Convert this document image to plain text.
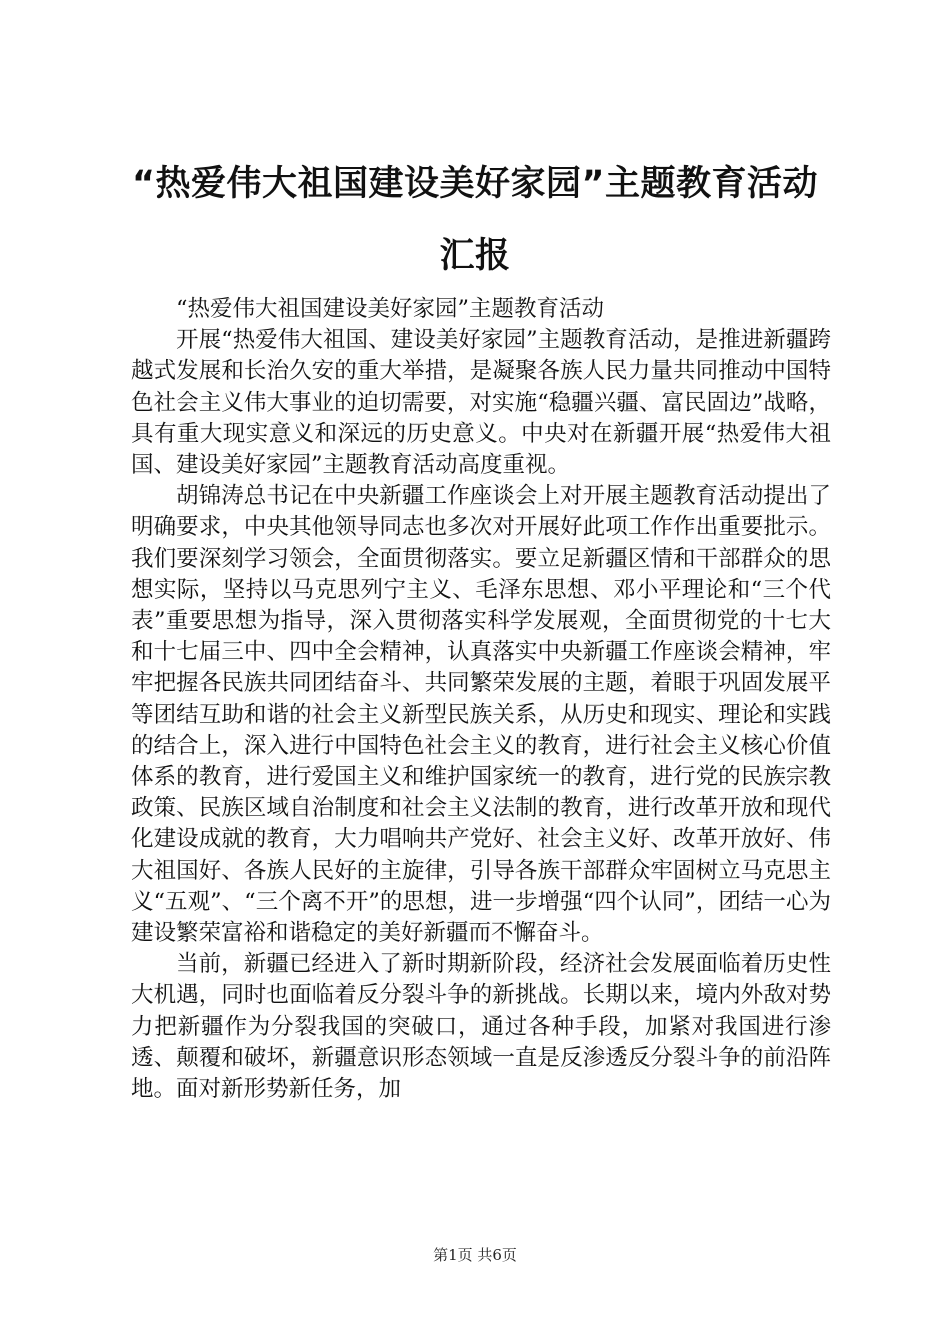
“热爱伟大祖国建设美好家园”主题教育活动汇报

“热爱伟大祖国建设美好家园”主题教育活动

开展“热爱伟大祖国、建设美好家园”主题教育活动，是推进新疆跨越式发展和长治久安的重大举措，是凝聚各族人民力量共同推动中国特色社会主义伟大事业的迫切需要，对实施“稳疆兴疆、富民固边”战略，具有重大现实意义和深远的历史意义。中央对在新疆开展“热爱伟大祖国、建设美好家园”主题教育活动高度重视。

胡锦涛总书记在中央新疆工作座谈会上对开展主题教育活动提出了明确要求，中央其他领导同志也多次对开展好此项工作作出重要批示。我们要深刻学习领会，全面贯彻落实。要立足新疆区情和干部群众的思想实际，坚持以马克思列宁主义、毛泽东思想、邓小平理论和“三个代表”重要思想为指导，深入贯彻落实科学发展观，全面贯彻党的十七大和十七届三中、四中全会精神，认真落实中央新疆工作座谈会精神，牢牢把握各民族共同团结奋斗、共同繁荣发展的主题，着眼于巩固发展平等团结互助和谐的社会主义新型民族关系，从历史和现实、理论和实践的结合上，深入进行中国特色社会主义的教育，进行社会主义核心价值体系的教育，进行爱国主义和维护国家统一的教育，进行党的民族宗教政策、民族区域自治制度和社会主义法制的教育，进行改革开放和现代化建设成就的教育，大力唱响共产党好、社会主义好、改革开放好、伟大祖国好、各族人民好的主旋律，引导各族干部群众牢固树立马克思主义“五观”、“三个离不开”的思想，进一步增强“四个认同”，团结一心为建设繁荣富裕和谐稳定的美好新疆而不懈奋斗。

当前，新疆已经进入了新时期新阶段，经济社会发展面临着历史性大机遇，同时也面临着反分裂斗争的新挑战。长期以来，境内外敌对势力把新疆作为分裂我国的突破口，通过各种手段，加紧对我国进行渗透、颠覆和破坏，新疆意识形态领域一直是反渗透反分裂斗争的前沿阵地。面对新形势新任务，加

第1页 共6页
